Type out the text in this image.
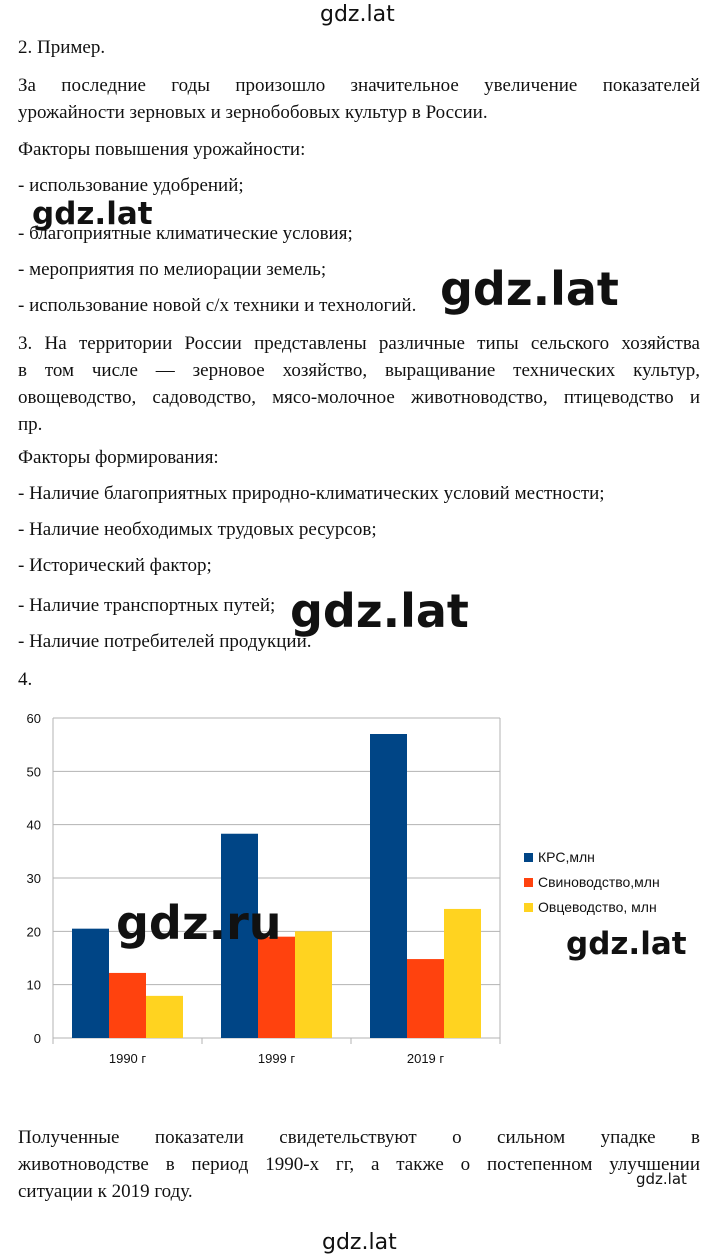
gdz.lat
gdz.lat
gdz.lat
gdz.lat
gdz.ru	gdz.lat
gdz.lat
gdz.lat
2. Пример.
За последние годы произошло значительное увеличение показателей
урожайности зерновых и зернобобовых культур в России.
Факторы повышения урожайности:
- использование удобрений;
- благоприятные климатические условия;
- мероприятия по мелиорации земель;
- использование новой с/х техники и технологий.
3. На территории России представлены различные типы сельского хозяйства
в том числе — зерновое хозяйство, выращивание технических культур,
овощеводство, садоводство, мясо-молочное животноводство, птицеводство и
пр.
Факторы формирования:
- Наличие благоприятных природно-климатических условий местности;
- Наличие необходимых трудовых ресурсов;
- Исторический фактор;
- Наличие транспортных путей;
- Наличие потребителей продукции.
4.
0
10
20
30
40
50
60
1990 г	1999 г	2019 г
КРС,млн
Свиноводство,млн
Овцеводство, млн
Полученные показатели свидетельствуют о сильном упадке в
животноводстве в период 1990-х гг, а также о постепенном улучшении
ситуации к 2019 году.
